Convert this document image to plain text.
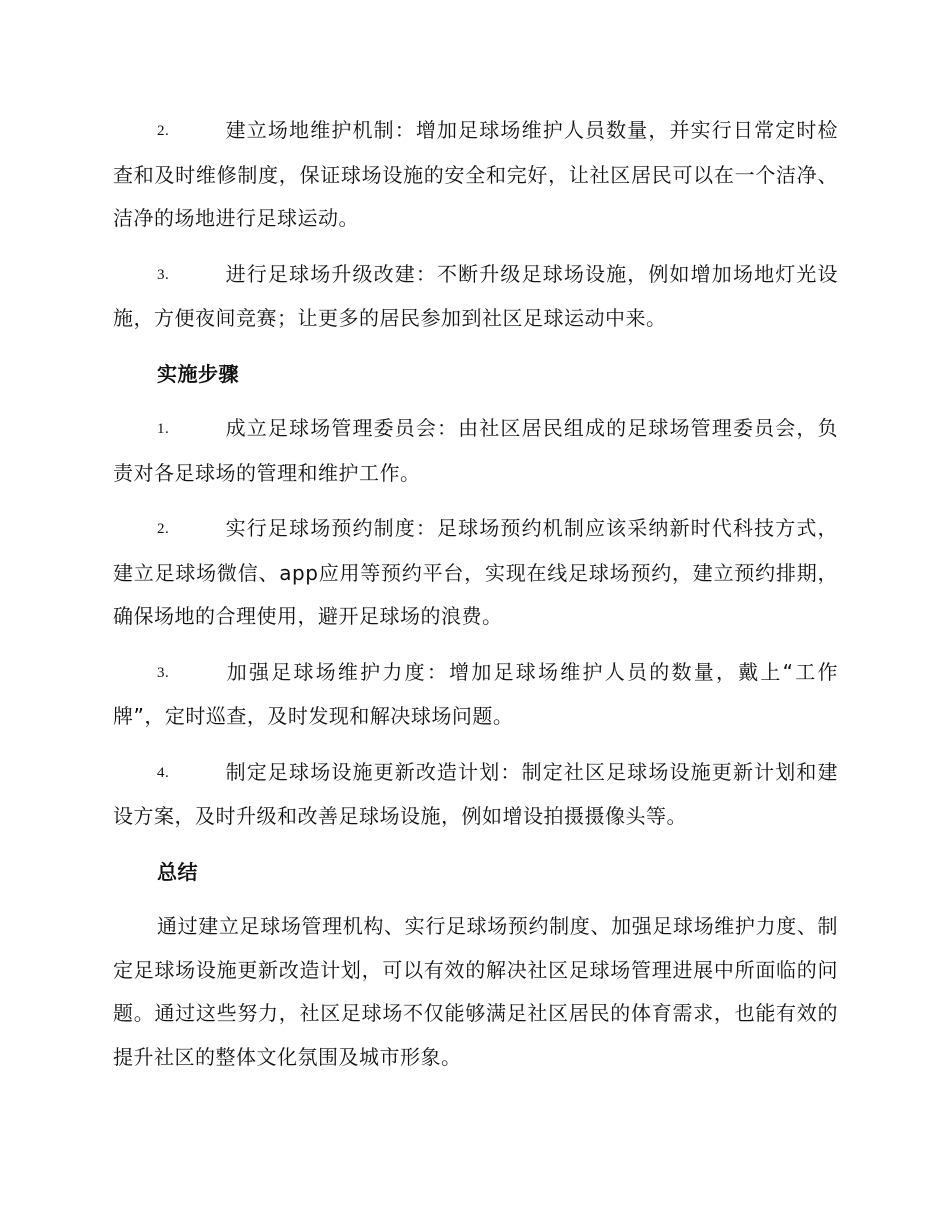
2.	建立场地维护机制：增加足球场维护人员数量，并实行日常定时检查和及时维修制度，保证球场设施的安全和完好，让社区居民可以在一个洁净、洁净的场地进行足球运动。

3.	进行足球场升级改建：不断升级足球场设施，例如增加场地灯光设施，方便夜间竞赛；让更多的居民参加到社区足球运动中来。

实施步骤

1.	成立足球场管理委员会：由社区居民组成的足球场管理委员会，负责对各足球场的管理和维护工作。

2.	实行足球场预约制度：足球场预约机制应该采纳新时代科技方式，建立足球场微信、app应用等预约平台，实现在线足球场预约，建立预约排期，确保场地的合理使用，避开足球场的浪费。

3.	加强足球场维护力度：增加足球场维护人员的数量，戴上“工作牌”，定时巡查，及时发现和解决球场问题。

4.	制定足球场设施更新改造计划：制定社区足球场设施更新计划和建设方案，及时升级和改善足球场设施，例如增设拍摄摄像头等。

总结

通过建立足球场管理机构、实行足球场预约制度、加强足球场维护力度、制定足球场设施更新改造计划，可以有效的解决社区足球场管理进展中所面临的问题。通过这些努力，社区足球场不仅能够满足社区居民的体育需求，也能有效的提升社区的整体文化氛围及城市形象。
